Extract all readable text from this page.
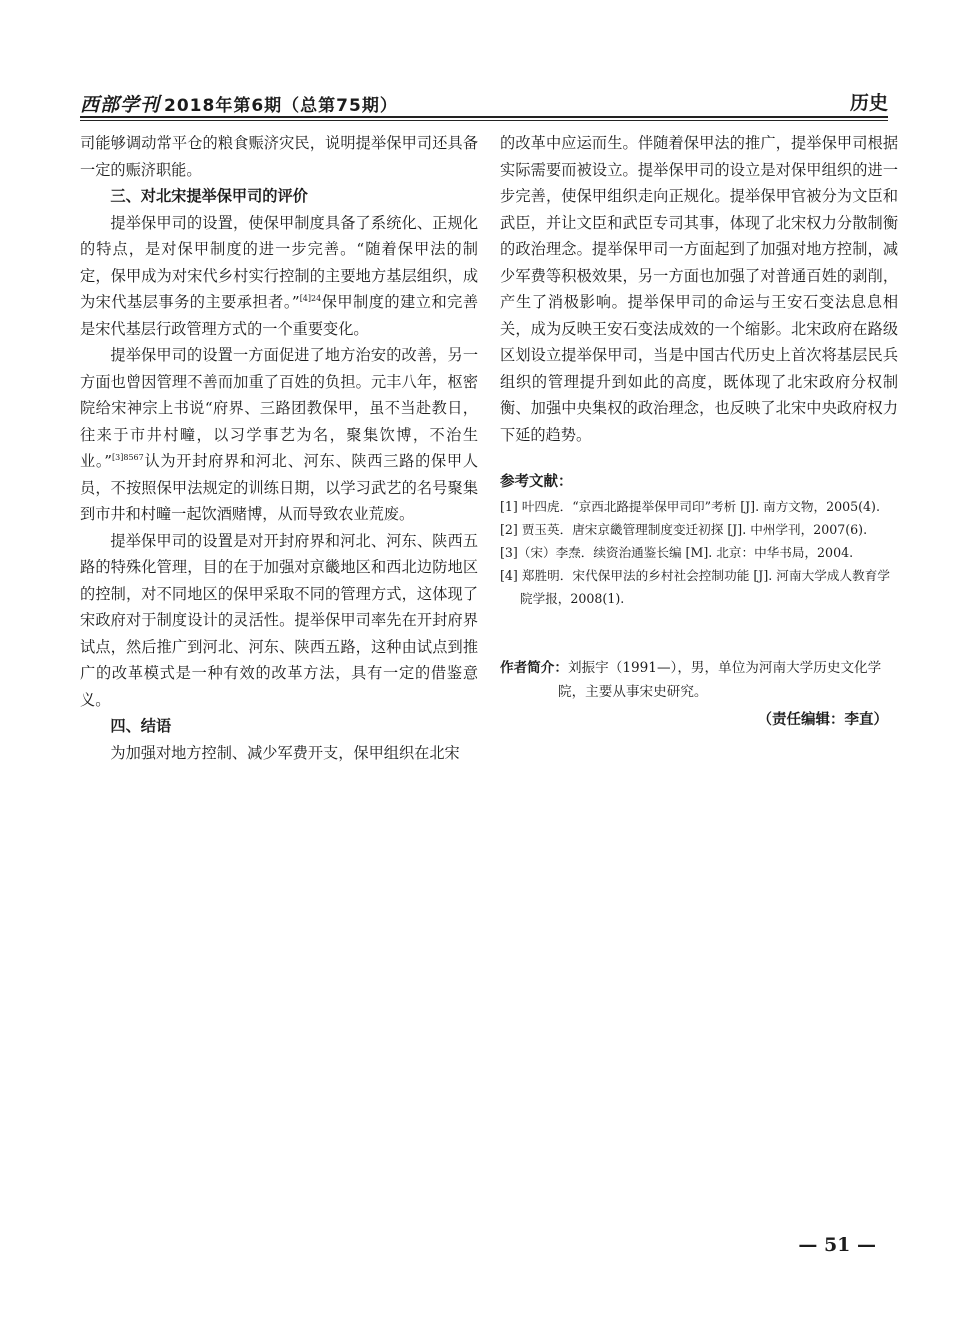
西部学刊 2018年第6期（总第75期）	历史

司能够调动常平仓的粮食赈济灾民，说明提举保甲司还具备一定的赈济职能。

三、对北宋提举保甲司的评价

提举保甲司的设置，使保甲制度具备了系统化、正规化的特点，是对保甲制度的进一步完善。“随着保甲法的制定，保甲成为对宋代乡村实行控制的主要地方基层组织，成为宋代基层事务的主要承担者。”$^{[4]24}$保甲制度的建立和完善是宋代基层行政管理方式的一个重要变化。

提举保甲司的设置一方面促进了地方治安的改善，另一方面也曾因管理不善而加重了百姓的负担。元丰八年，枢密院给宋神宗上书说“府界、三路团教保甲，虽不当赴教日，往来于市井村疃，以习学事艺为名，聚集饮博，不治生业。”$^{[3]8567}$认为开封府界和河北、河东、陕西三路的保甲人员，不按照保甲法规定的训练日期，以学习武艺的名号聚集到市井和村疃一起饮酒赌博，从而导致农业荒废。

提举保甲司的设置是对开封府界和河北、河东、陕西五路的特殊化管理，目的在于加强对京畿地区和西北边防地区的控制，对不同地区的保甲采取不同的管理方式，这体现了宋政府对于制度设计的灵活性。提举保甲司率先在开封府界试点，然后推广到河北、河东、陕西五路，这种由试点到推广的改革模式是一种有效的改革方法，具有一定的借鉴意义。

四、结语

为加强对地方控制、减少军费开支，保甲组织在北宋

的改革中应运而生。伴随着保甲法的推广，提举保甲司根据实际需要而被设立。提举保甲司的设立是对保甲组织的进一步完善，使保甲组织走向正规化。提举保甲官被分为文臣和武臣，并让文臣和武臣专司其事，体现了北宋权力分散制衡的政治理念。提举保甲司一方面起到了加强对地方控制，减少军费等积极效果，另一方面也加强了对普通百姓的剥削，产生了消极影响。提举保甲司的命运与王安石变法息息相关，成为反映王安石变法成效的一个缩影。北宋政府在路级区划设立提举保甲司，当是中国古代历史上首次将基层民兵组织的管理提升到如此的高度，既体现了北宋政府分权制衡、加强中央集权的政治理念，也反映了北宋中央政府权力下延的趋势。

参考文献：
[1] 叶四虎．“京西北路提举保甲司印”考析 [J]. 南方文物，2005(4).
[2] 贾玉英．唐宋京畿管理制度变迁初探 [J]. 中州学刊，2007(6).
[3]（宋）李焘．续资治通鉴长编 [M]. 北京：中华书局，2004.
[4] 郑胜明．宋代保甲法的乡村社会控制功能 [J]. 河南大学成人教育学院学报，2008(1).
作者简介：刘振宇（1991—），男，单位为河南大学历史文化学院，主要从事宋史研究。
（责任编辑：李直）
— 51 —
